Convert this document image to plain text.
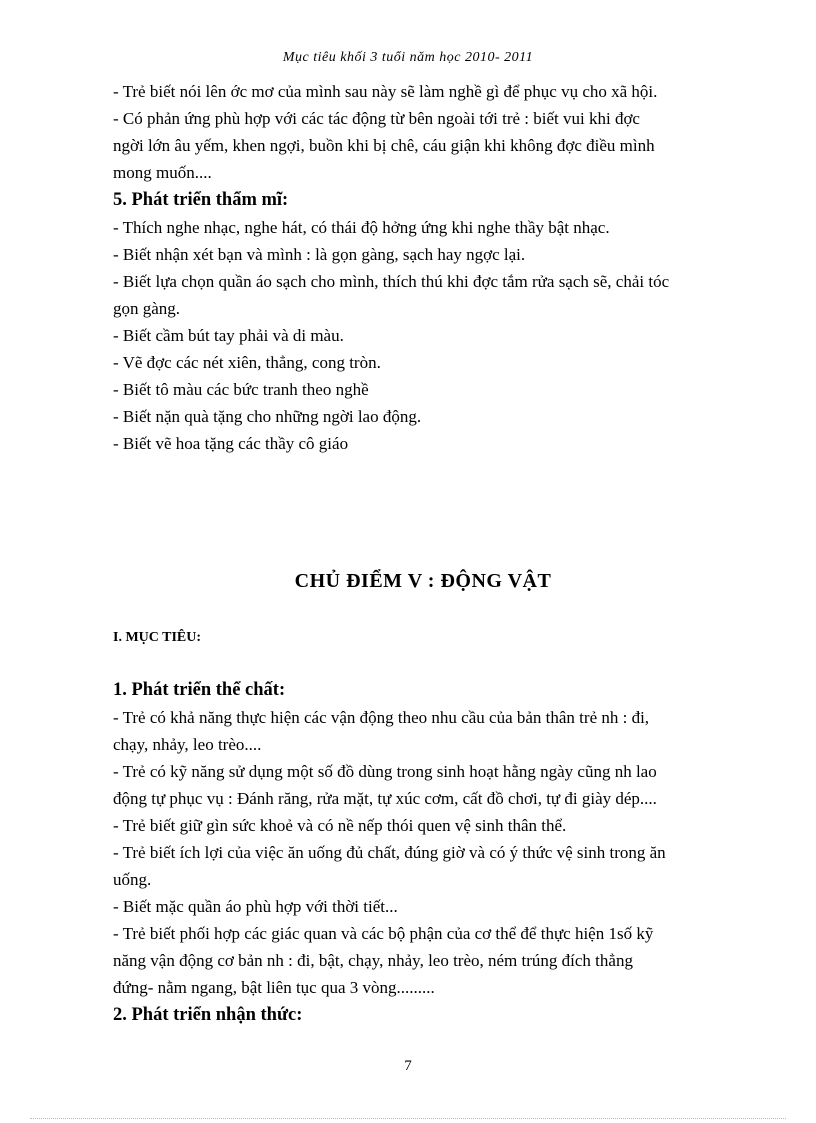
Mục tiêu khối 3 tuổi năm học 2010- 2011

- Trẻ biết nói lên ớc mơ của mình sau này sẽ làm nghề gì để phục vụ cho xã hội.

- Có phản ứng phù hợp với các tác động từ bên ngoài tới trẻ : biết vui khi đợc

ngời lớn âu yếm, khen ngợi, buồn khi bị chê, cáu giận khi không đợc điều mình

mong muốn....

5. Phát triển thẩm mĩ:

- Thích nghe nhạc, nghe hát, có thái độ hởng ứng khi nghe thầy bật nhạc.

- Biết nhận xét bạn và mình : là gọn gàng, sạch hay ngợc lại.

- Biết lựa chọn quần áo sạch cho mình, thích thú khi đợc tắm rửa sạch sẽ, chải tóc

gọn gàng.

- Biết cầm bút tay phải và di màu.

- Vẽ đợc các nét xiên, thẳng, cong tròn.

- Biết tô màu các bức tranh theo nghề

- Biết nặn quà tặng cho những ngời lao động.

- Biết vẽ hoa tặng các thầy cô giáo

CHỦ ĐIỂM V : ĐỘNG VẬT

I. MỤC TIÊU:

1. Phát triển thể chất:

- Trẻ có khả năng thực hiện các vận động theo nhu cầu của bản thân trẻ nh : đi,

chạy, nhảy, leo trèo....

- Trẻ có kỹ năng sử dụng một số đồ dùng trong sinh hoạt hằng ngày cũng nh lao

động tự phục vụ : Đánh răng, rửa mặt, tự xúc cơm, cất đồ chơi, tự đi giày dép....

- Trẻ biết giữ gìn sức khoẻ và có nề nếp thói quen vệ sinh thân thể.

- Trẻ biết ích lợi của việc ăn uống đủ chất, đúng giờ và có ý thức vệ sinh trong ăn

uống.

- Biết mặc quần áo phù hợp với thời tiết...

- Trẻ biết phối hợp các giác quan và các bộ phận của cơ thể để thực hiện 1số kỹ

năng vận động cơ bản nh : đi, bật, chạy, nhảy, leo trèo, ném trúng đích thẳng

đứng- nằm ngang, bật liên tục qua 3 vòng.........

2. Phát triển nhận thức:

7
